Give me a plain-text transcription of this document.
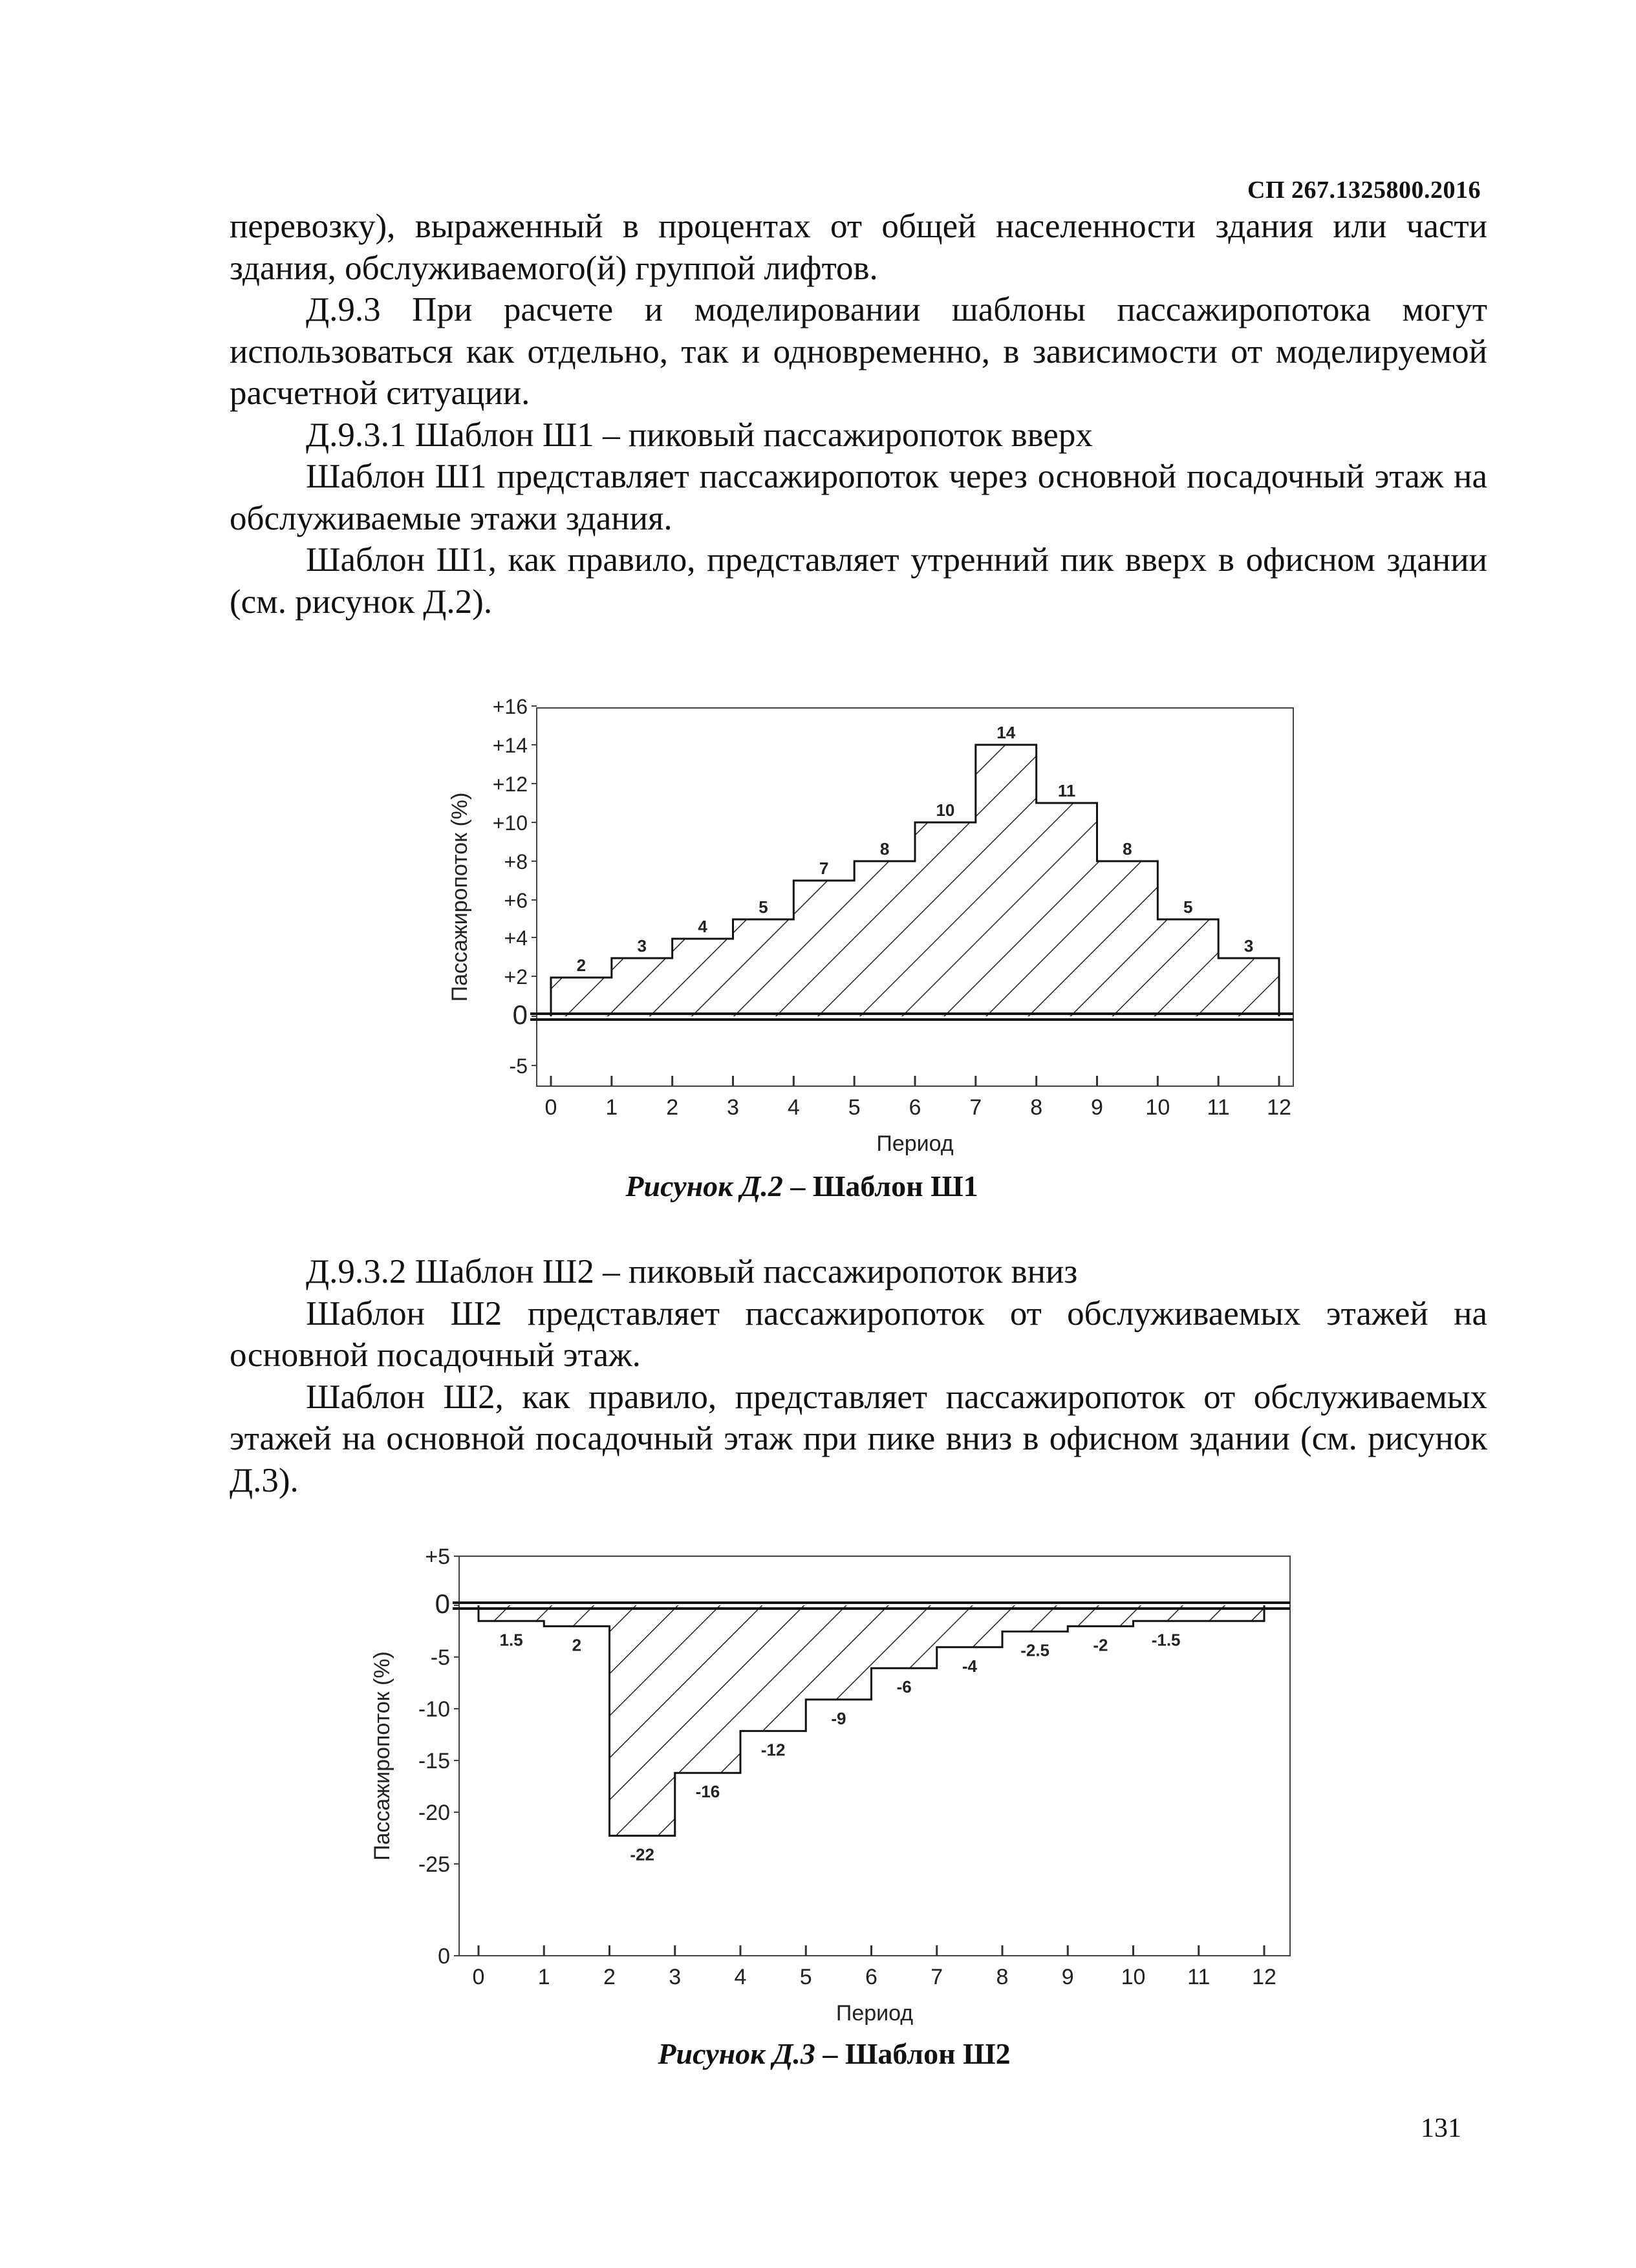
СП 267.1325800.2016

перевозку), выраженный в процентах от общей населенности здания или части здания, обслуживаемого(й) группой лифтов.

Д.9.3 При расчете и моделировании шаблоны пассажиропотока могут использоваться как отдельно, так и одновременно, в зависимости от моделируемой расчетной ситуации.

Д.9.3.1 Шаблон Ш1 – пиковый пассажиропоток вверх

Шаблон Ш1 представляет пассажиропоток через основной посадочный этаж на обслуживаемые этажи здания.

Шаблон Ш1, как правило, представляет утренний пик вверх в офисном здании (см. рисунок Д.2).

2
3
4
5
7
8
10
14
11
8
5
3
+16
+14
+12
+10
+8
+6
+4
+2
0
-5
0 1 2 3 4 5 6 7 8 9 10 11 12
Период
Пассажиропоток (%)
Рисунок Д.2 – Шаблон Ш1

Д.9.3.2 Шаблон Ш2 – пиковый пассажиропоток вниз

Шаблон Ш2 представляет пассажиропоток от обслуживаемых этажей на основной посадочный этаж.

Шаблон Ш2, как правило, представляет пассажиропоток от обслуживаемых этажей на основной посадочный этаж при пике вниз в офисном здании (см. рисунок Д.3).

1.5	2
-22
-16
-12
-9
-6
-4
-2.5	-2	-1.5
+5
0
-5
-10
-15
-20
-25
0
0 1 2 3 4 5 6 7 8 9 10 11 12
Период
Пассажиропоток (%)
Рисунок Д.3 – Шаблон Ш2
131
